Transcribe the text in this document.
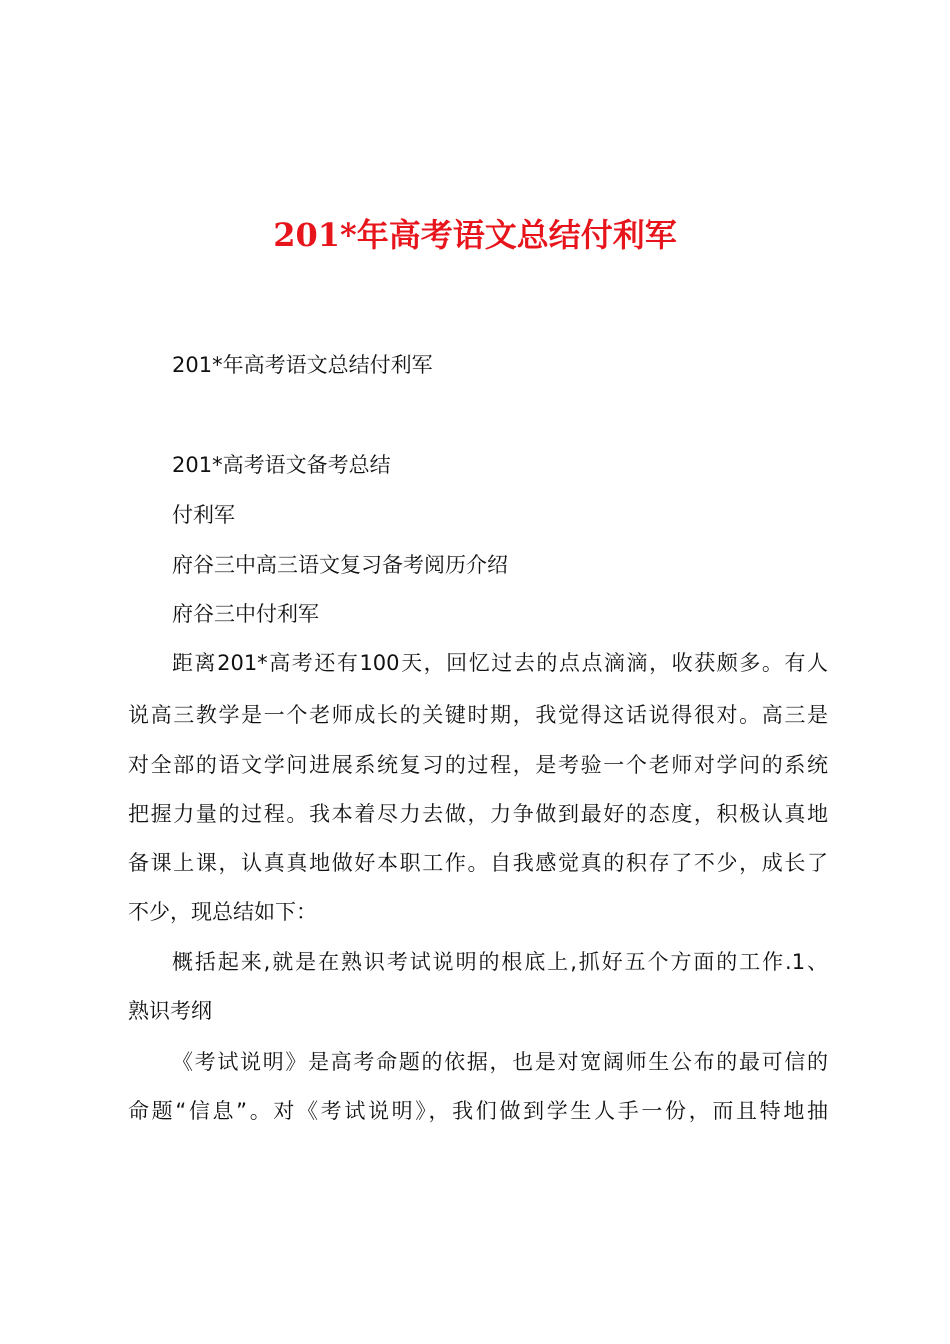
201*年高考语文总结付利军

201*年高考语文总结付利军

201*高考语文备考总结

付利军

府谷三中高三语文复习备考阅历介绍

府谷三中付利军

距离201*高考还有100天，回忆过去的点点滴滴，收获颇多。有人

说高三教学是一个老师成长的关键时期，我觉得这话说得很对。高三是

对全部的语文学问进展系统复习的过程，是考验一个老师对学问的系统

把握力量的过程。我本着尽力去做，力争做到最好的态度，积极认真地

备课上课，认真真地做好本职工作。自我感觉真的积存了不少，成长了

不少，现总结如下：

概括起来,就是在熟识考试说明的根底上,抓好五个方面的工作.1、

熟识考纲

《考试说明》是高考命题的依据，也是对宽阔师生公布的最可信的

命题“信息”。对《考试说明》，我们做到学生人手一份，而且特地抽
